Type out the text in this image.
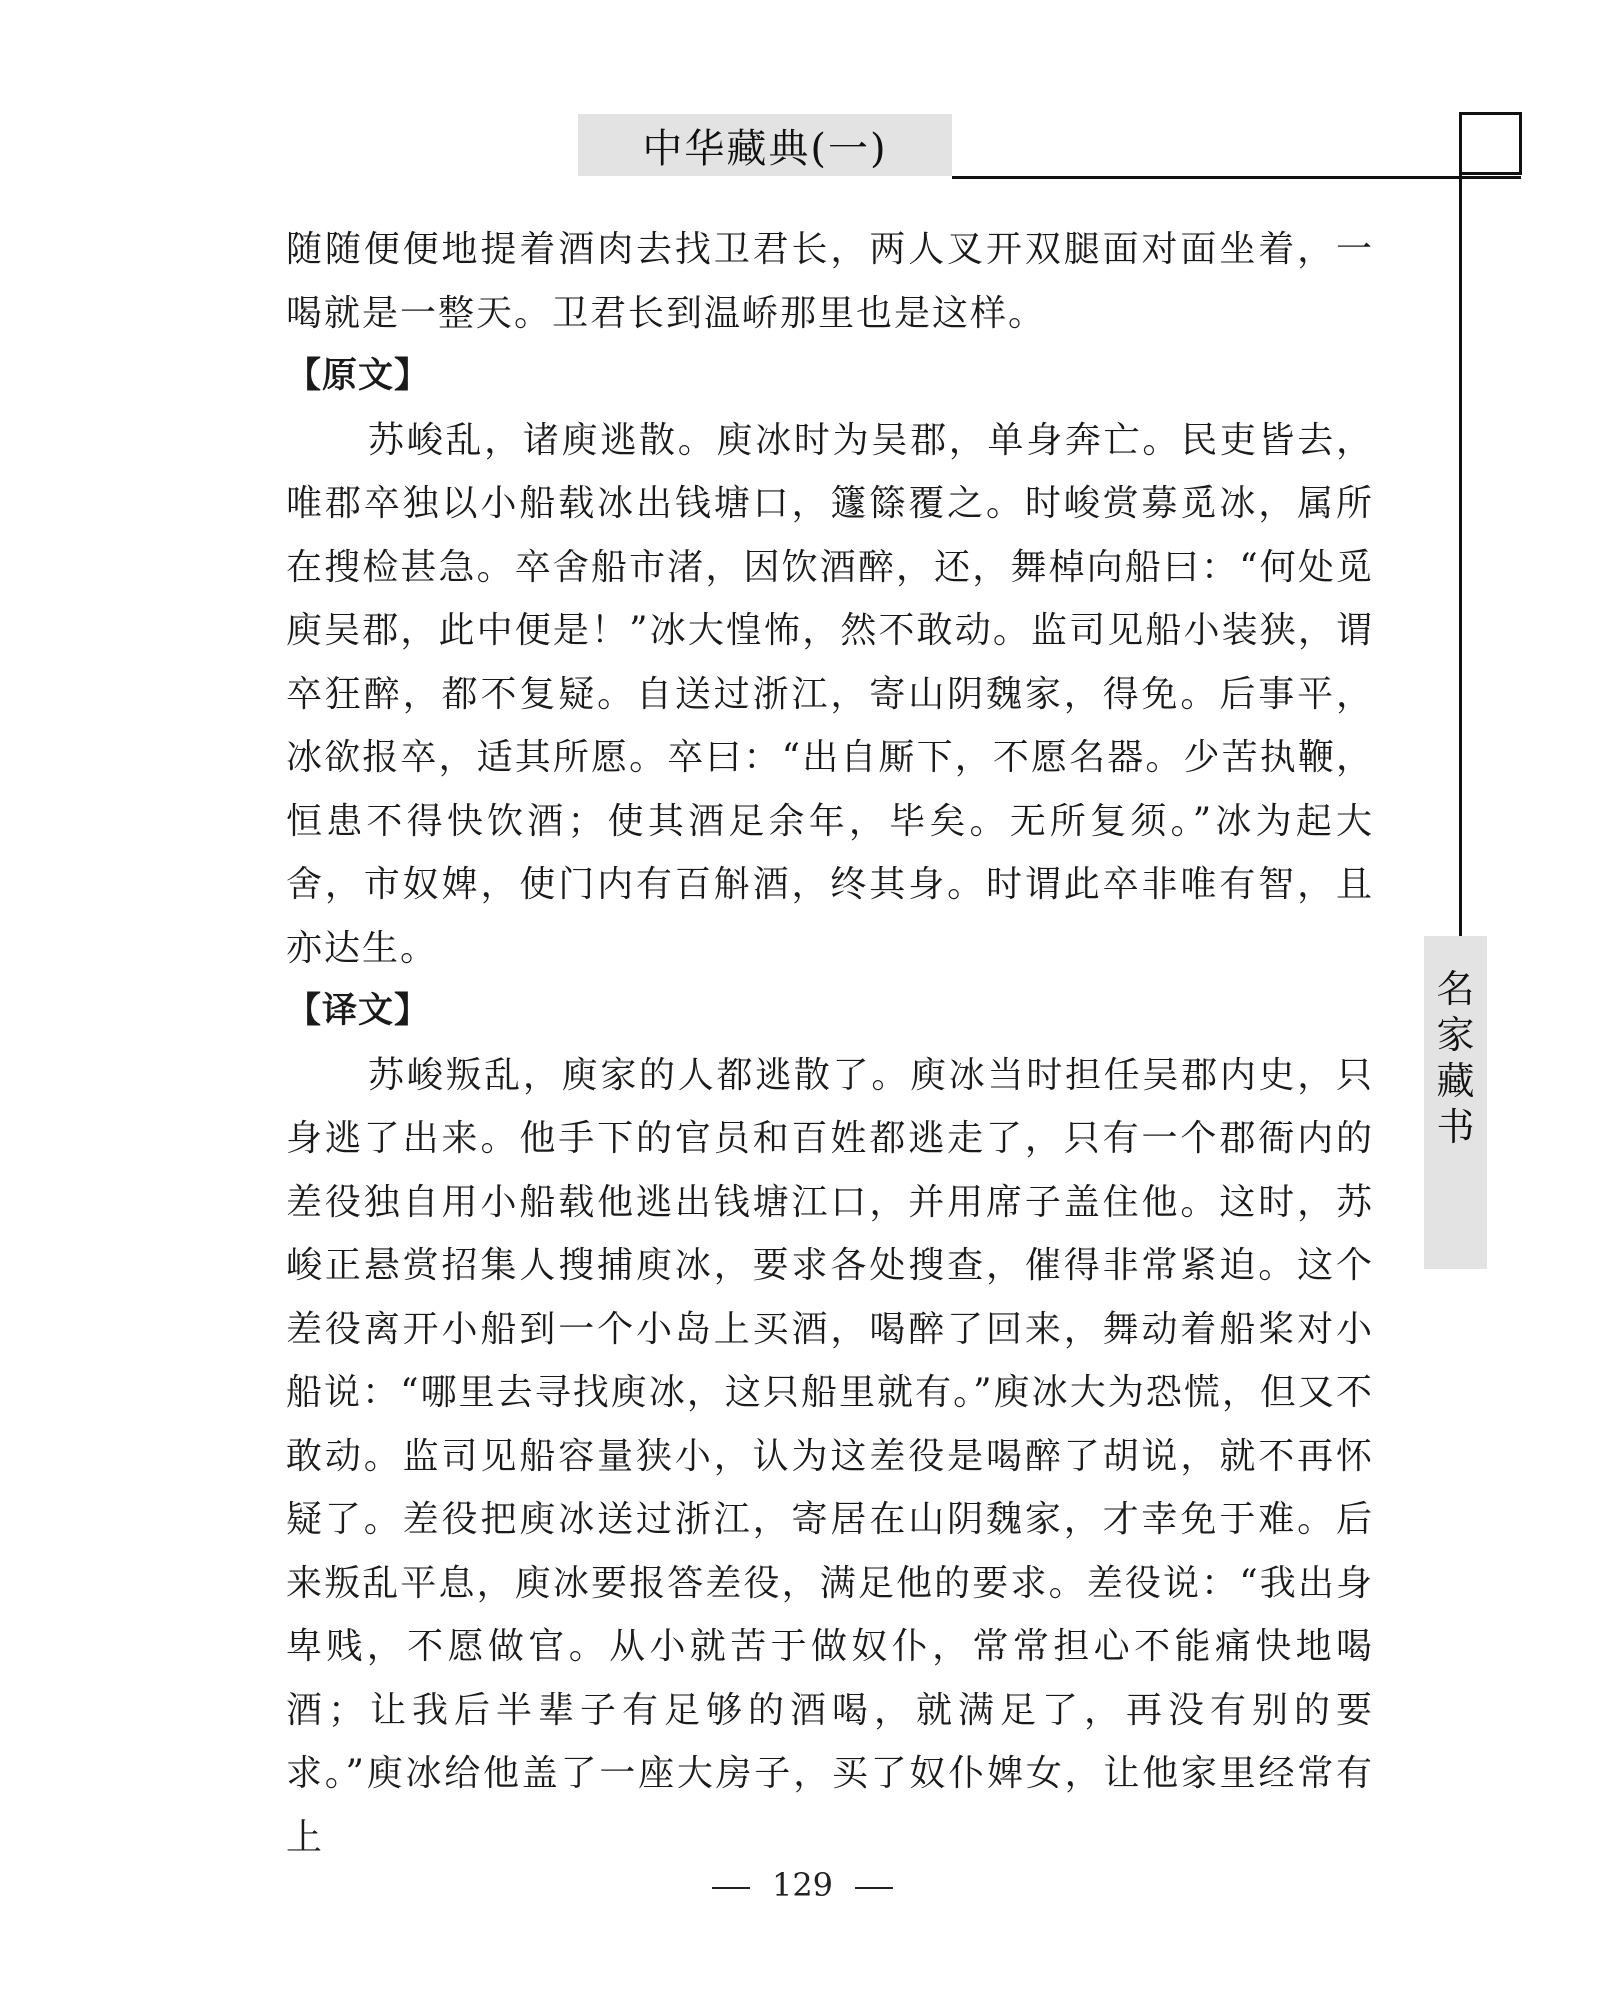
中华藏典(一)
名
家
藏
书

随随便便地提着酒肉去找卫君长，两人叉开双腿面对面坐着，一喝就是一整天。卫君长到温峤那里也是这样。

【原文】

苏峻乱，诸庾逃散。庾冰时为吴郡，单身奔亡。民吏皆去，唯郡卒独以小船载冰出钱塘口，籧篨覆之。时峻赏募觅冰，属所在搜检甚急。卒舍船市渚，因饮酒醉，还，舞棹向船曰：“何处觅庾吴郡，此中便是！”冰大惶怖，然不敢动。监司见船小装狭，谓卒狂醉，都不复疑。自送过浙江，寄山阴魏家，得免。后事平，冰欲报卒，适其所愿。卒曰：“出自厮下，不愿名器。少苦执鞭，恒患不得快饮酒；使其酒足余年，毕矣。无所复须。”冰为起大舍，市奴婢，使门内有百斛酒，终其身。时谓此卒非唯有智，且亦达生。

【译文】

苏峻叛乱，庾家的人都逃散了。庾冰当时担任吴郡内史，只身逃了出来。他手下的官员和百姓都逃走了，只有一个郡衙内的差役独自用小船载他逃出钱塘江口，并用席子盖住他。这时，苏峻正悬赏招集人搜捕庾冰，要求各处搜查，催得非常紧迫。这个差役离开小船到一个小岛上买酒，喝醉了回来，舞动着船桨对小船说：“哪里去寻找庾冰，这只船里就有。”庾冰大为恐慌，但又不敢动。监司见船容量狭小，认为这差役是喝醉了胡说，就不再怀疑了。差役把庾冰送过浙江，寄居在山阴魏家，才幸免于难。后来叛乱平息，庾冰要报答差役，满足他的要求。差役说：“我出身卑贱，不愿做官。从小就苦于做奴仆，常常担心不能痛快地喝酒；让我后半辈子有足够的酒喝，就满足了，再没有别的要求。”庾冰给他盖了一座大房子，买了奴仆婢女，让他家里经常有上

129
